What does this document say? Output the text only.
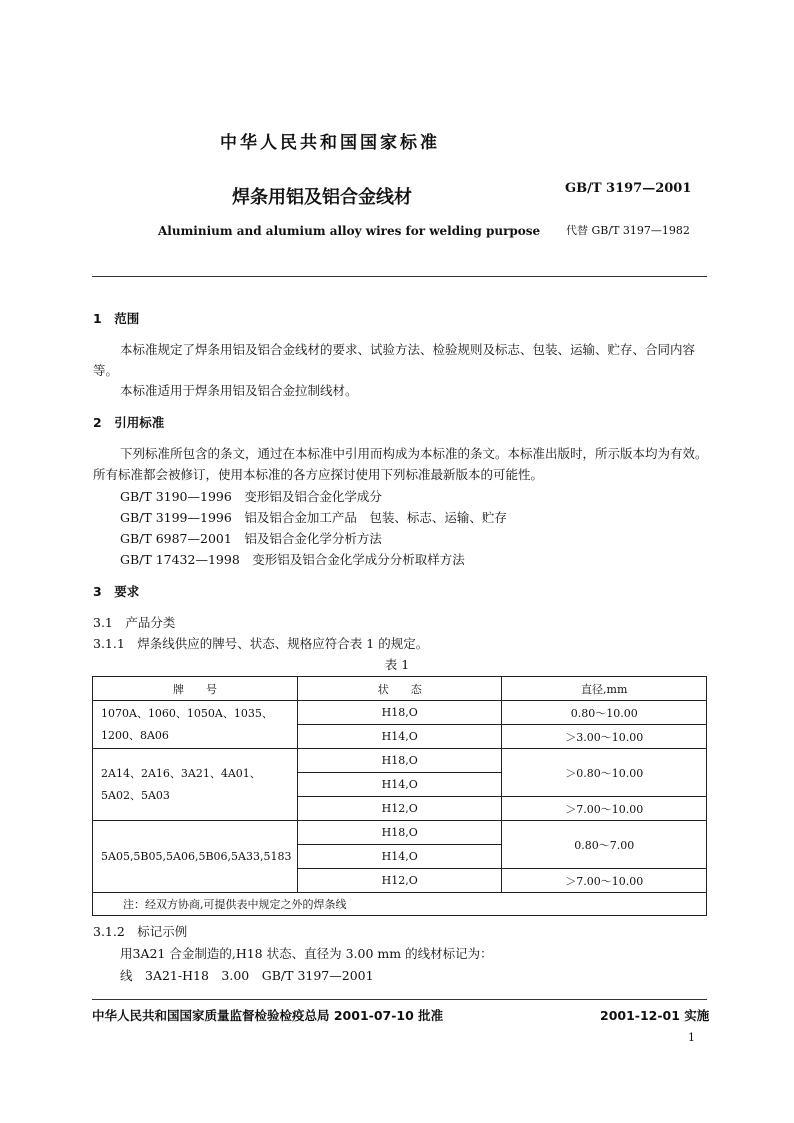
中华人民共和国国家标准
焊条用铝及铝合金线材	GB/T 3197—2001
Aluminium and alumium alloy wires for welding purpose 代替 GB/T 3197—1982
1　范围
本标准规定了焊条用铝及铝合金线材的要求、试验方法、检验规则及标志、包装、运输、贮存、合同内容等。
本标准适用于焊条用铝及铝合金拉制线材。
2　引用标准
下列标准所包含的条文，通过在本标准中引用而构成为本标准的条文。本标准出版时，所示版本均为有效。所有标准都会被修订，使用本标准的各方应探讨使用下列标准最新版本的可能性。
GB/T 3190—1996　变形铝及铝合金化学成分
GB/T 3199—1996　铝及铝合金加工产品　包装、标志、运输、贮存
GB/T 6987—2001　铝及铝合金化学分析方法
GB/T 17432—1998　变形铝及铝合金化学成分分析取样方法
3　要求
3.1　产品分类
3.1.1　焊条线供应的牌号、状态、规格应符合表 1 的规定。
表 1
牌　　号	状　　态	直径,mm
1070A、1060、1050A、1035、1200、8A06	H18,O	0.80～10.00
	H14,O	＞3.00～10.00
2A14、2A16、3A21、4A01、5A02、5A03	H18,O	＞0.80～10.00
	H14,O	
	H12,O	＞7.00～10.00
5A05,5B05,5A06,5B06,5A33,5183	H18,O	0.80～7.00
	H14,O	
	H12,O	＞7.00～10.00
注：经双方协商,可提供表中规定之外的焊条线		
3.1.2　标记示例
用3A21 合金制造的,H18 状态、直径为 3.00 mm 的线材标记为：
线　3A21-H18　3.00　GB/T 3197—2001
中华人民共和国国家质量监督检验检疫总局 2001-07-10 批准	2001-12-01 实施
1
